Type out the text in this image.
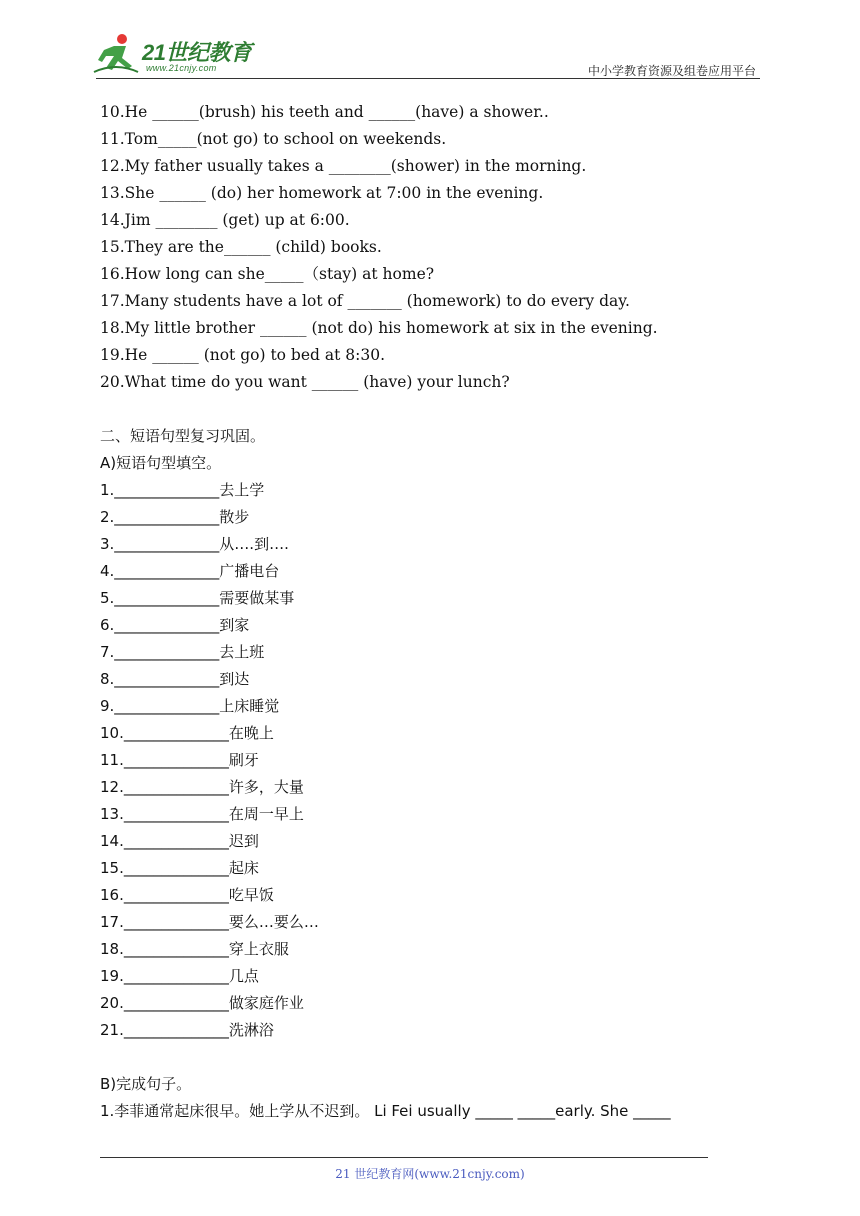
21世纪教育
www.21cnjy.com	中小学教育资源及组卷应用平台
10.He ______(brush) his teeth and ______(have) a shower..
11.Tom_____(not go) to school on weekends.
12.My father usually takes a ________(shower) in the morning.
13.She ______ (do) her homework at 7:00 in the evening.
14.Jim ________ (get) up at 6:00.
15.They are the______ (child) books.
16.How long can she_____（stay) at home?
17.Many students have a lot of _______ (homework) to do every day.
18.My little brother ______ (not do) his homework at six in the evening.
19.He ______ (not go) to bed at 8:30.
20.What time do you want ______ (have) your lunch?
二、短语句型复习巩固。
A)短语句型填空。
1.______________去上学
2.______________散步
3.______________从….到….
4.______________广播电台
5.______________需要做某事
6.______________到家
7.______________去上班
8.______________到达
9.______________上床睡觉
10.______________在晚上
11.______________刷牙
12.______________许多，大量
13.______________在周一早上
14.______________迟到
15.______________起床
16.______________吃早饭
17.______________要么…要么…
18.______________穿上衣服
19.______________几点
20.______________做家庭作业
21.______________洗淋浴
B)完成句子。
1.李菲通常起床很早。她上学从不迟到。 Li Fei usually _____ _____early. She _____
21 世纪教育网(www.21cnjy.com)
